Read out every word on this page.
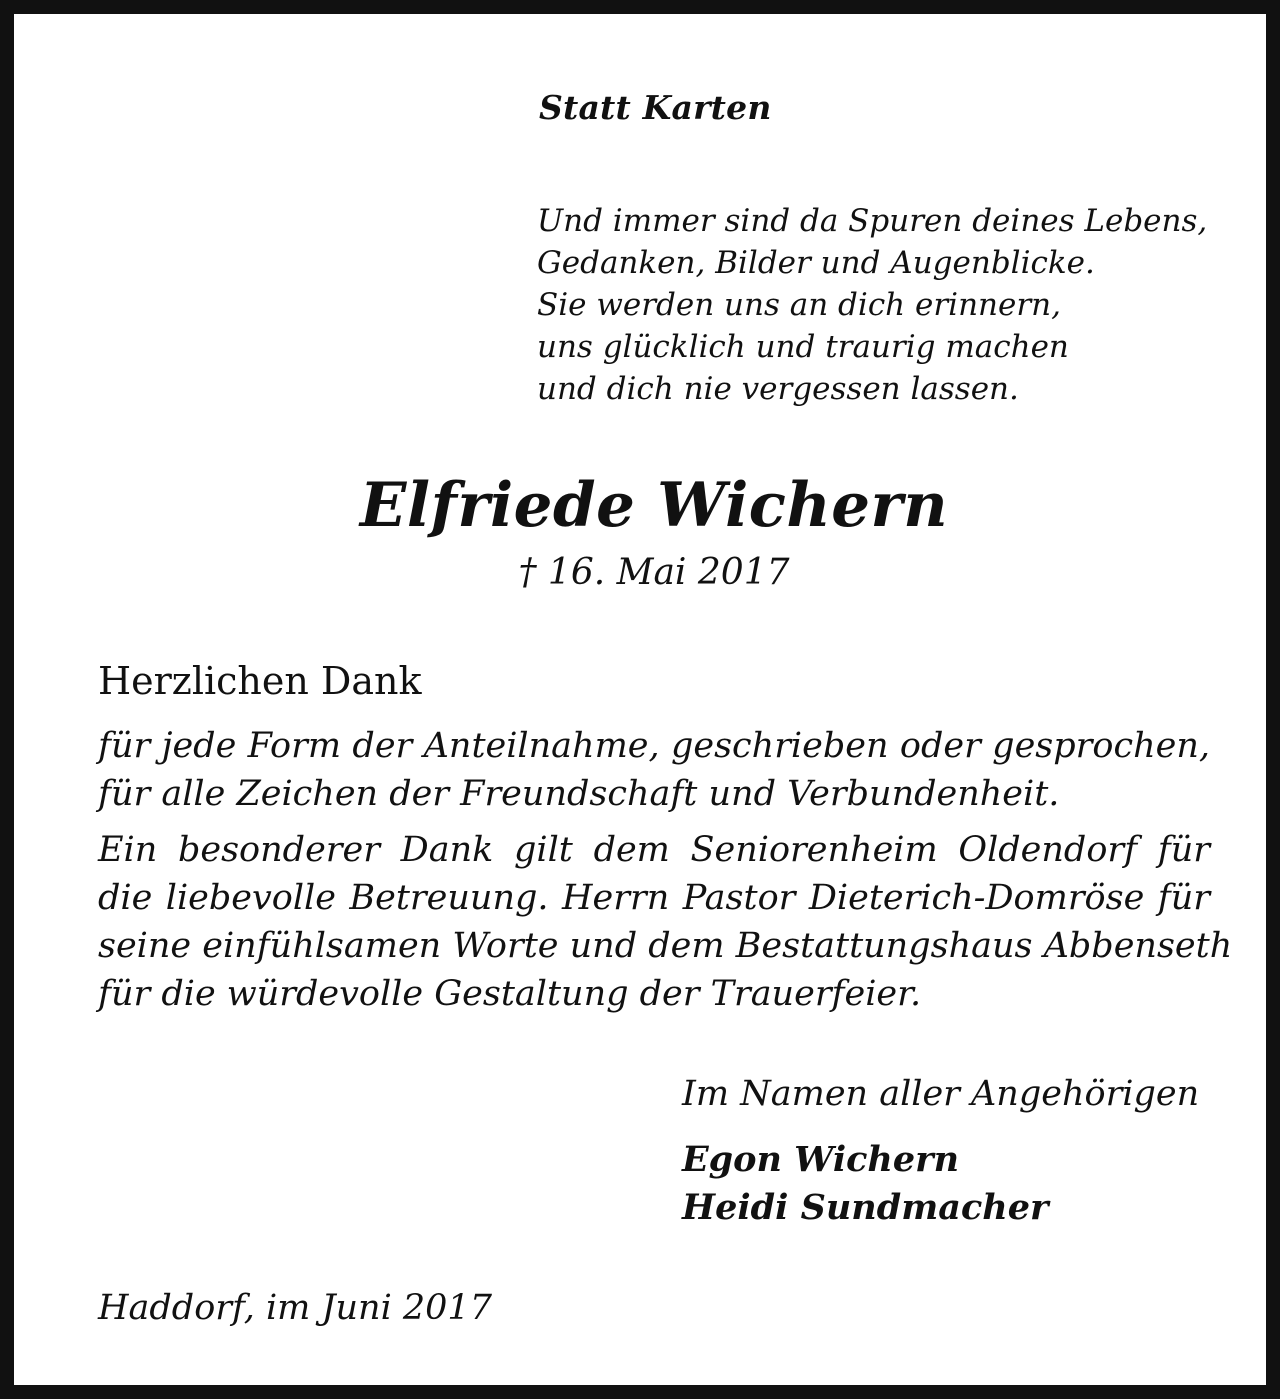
Statt Karten

Und immer sind da Spuren deines Lebens,
Gedanken, Bilder und Augenblicke.
Sie werden uns an dich erinnern,
uns glücklich und traurig machen
und dich nie vergessen lassen.

Elfriede Wichern

† 16. Mai 2017

Herzlichen Dank

für jede Form der Anteilnahme, geschrieben oder gesprochen,
für alle Zeichen der Freundschaft und Verbundenheit.
Ein besonderer Dank gilt dem Seniorenheim Oldendorf für
die liebevolle Betreuung. Herrn Pastor Dieterich-Domröse für
seine einfühlsamen Worte und dem Bestattungshaus Abbenseth
für die würdevolle Gestaltung der Trauerfeier.

Im Namen aller Angehörigen

Egon Wichern
Heidi Sundmacher

Haddorf, im Juni 2017
